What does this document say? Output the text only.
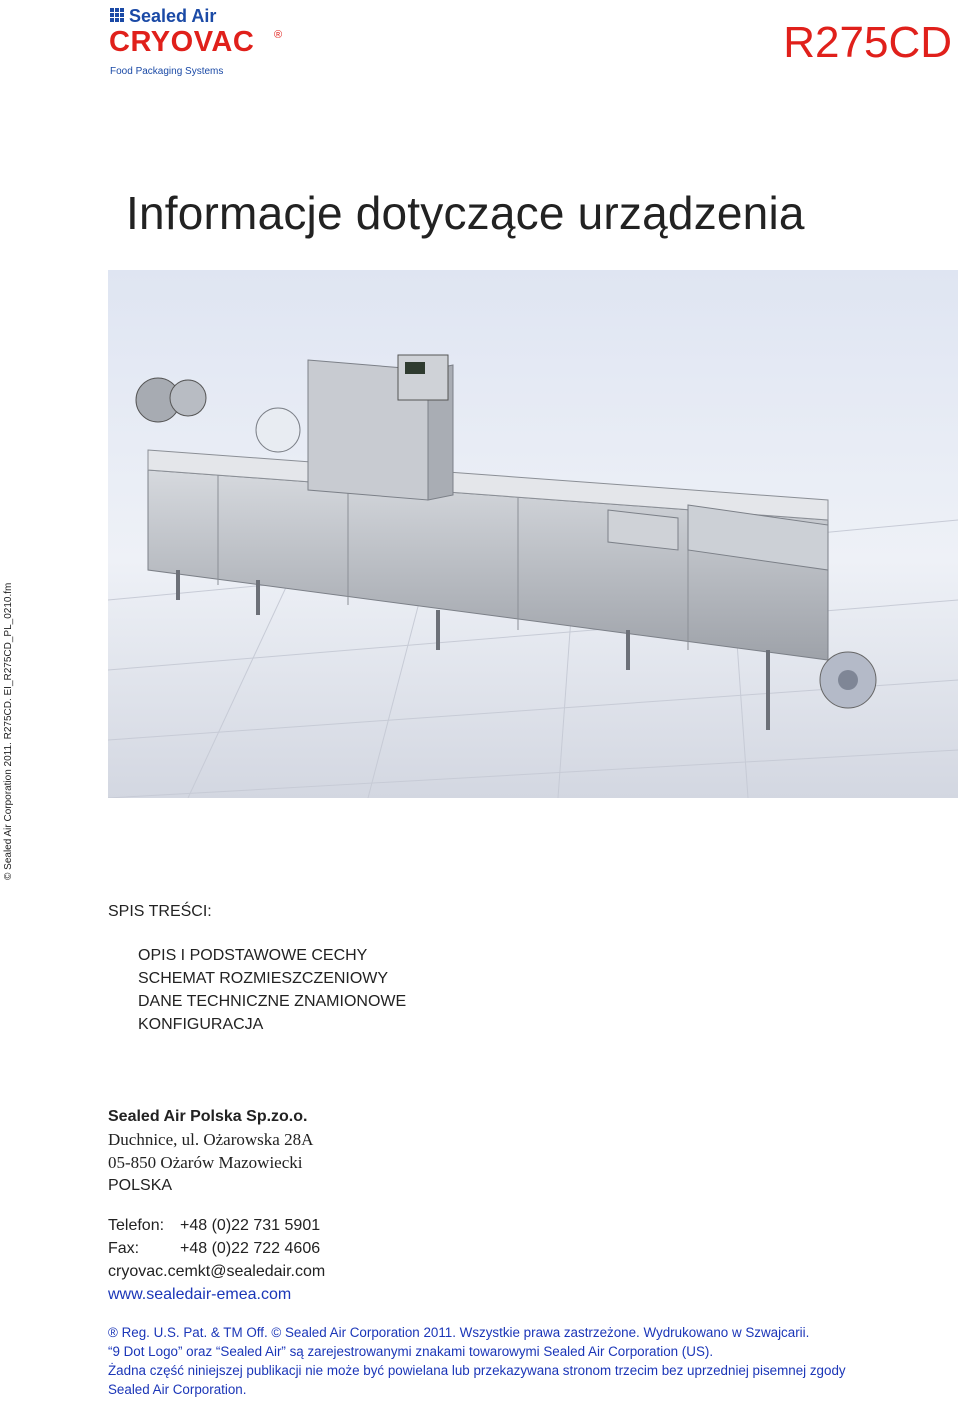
Sealed Air
CRYOVAC ®
Food Packaging Systems
R275CD
Informacje dotyczące urządzenia
© Sealed Air Corporation 2011. R275CD. EI_R275CD_PL_0210.fm
SPIS TREŚCI:
OPIS I PODSTAWOWE CECHY
SCHEMAT ROZMIESZCZENIOWY
DANE TECHNICZNE ZNAMIONOWE
KONFIGURACJA
Sealed Air Polska Sp.zo.o.
Duchnice, ul. Ożarowska 28A
05-850 Ożarów Mazowiecki
POLSKA
Telefon: +48 (0)22 731 5901
Fax:	+48 (0)22 722 4606
cryovac.cemkt@sealedair.com
www.sealedair-emea.com
® Reg. U.S. Pat. & TM Off. © Sealed Air Corporation 2011. Wszystkie prawa zastrzeżone. Wydrukowano w Szwajcarii.
“9 Dot Logo” oraz “Sealed Air” są zarejestrowanymi znakami towarowymi Sealed Air Corporation (US).
Żadna część niniejszej publikacji nie może być powielana lub przekazywana stronom trzecim bez uprzedniej pisemnej zgody
Sealed Air Corporation.
